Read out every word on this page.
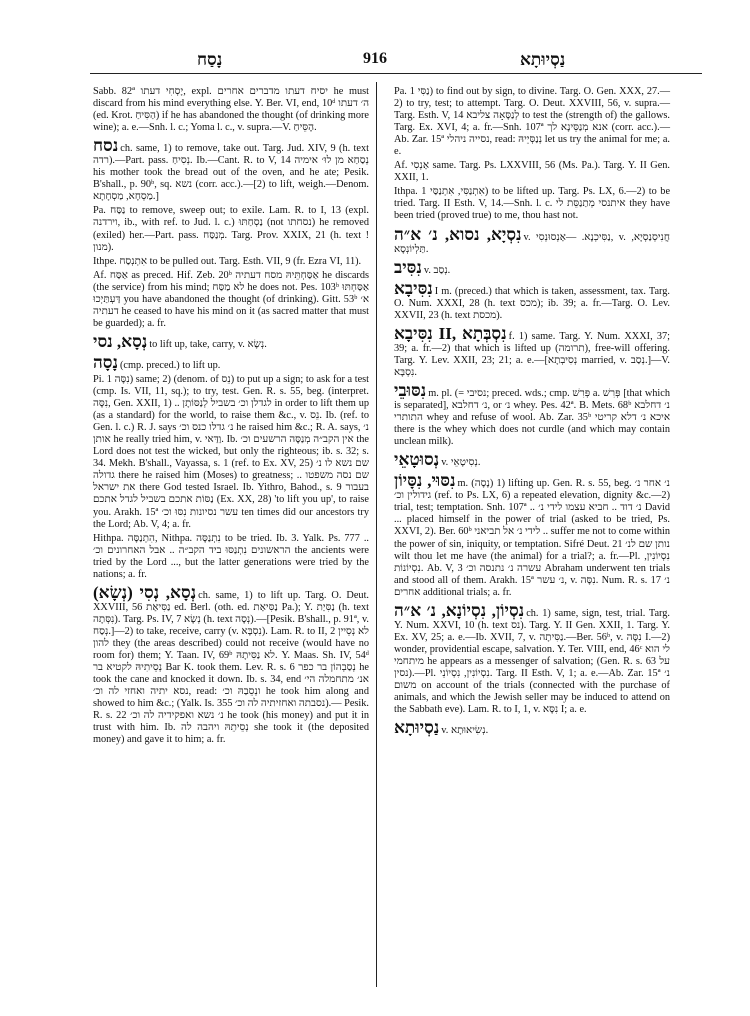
נָסַח	916	נַסְיוּתָא

Sabb. 82ª יָסְחִי דעתו, expl. יסיח דעתו מדברים אחרים he must discard from his mind everything else. Y. Ber. VI, end, 10ᵈ ה׳ דעתו (ed. Krot. הַסִּיחַ) if he has abandoned the thought (of drinking more wine); a. e.—Snh. l. c.; Yoma l. c., v. supra.—V. הֶסֵּיחַ.

נסח ch. same, 1) to remove, take out. Targ. Jud. XIV, 9 (h. text רדה).—Part. pass. נְסִיחַ. Ib.—Cant. R. to V, 14 נְסַחַא מן לוּ׳ אימיה his mother took the bread out of the oven, and he ate; Pesik. B'shall., p. 90ᵇ, sq. נשא (corr. acc.).—[2) to lift, weigh.—Denom. מַסְחָא, מַסְחָתָא.]

Pa. נַסַּח to remove, sweep out; to exile. Lam. R. to I, 13 (expl. וירדנה, ib., with ref. to Jud. l. c.) נַסְחַתּוּ (not נסחתו) he removed (exiled) her.—Part. pass. מְנַסַּח. Targ. Prov. XXIX, 21 (h. text !מנון).

Ithpe. אִתְנְסַח to be pulled out. Targ. Esth. VII, 9 (fr. Ezra VI, 11).

Af. אַסַּח as preced. Hif. Zeb. 20ᵇ אַסַּחְתֵּיהּ מסח דעתיה he discards (the service) from his mind; לא מַסַּח he does not. Pes. 103ᵇ אַסַּחְתּוּ דַּעְתַּיְכוּ you have abandoned the thought (of drinking). Gitt. 53ᵇ א׳ דעתיה he ceased to have his mind on it (as sacred matter that must be guarded); a. fr.

נְסָא, נסי to lift up, take, carry, v. נְשָׂא.

נָסָה (cmp. preced.) to lift up.

Pi. נִסָּה 1) same; 2) (denom. of נֵס) to put up a sign; to ask for a test (cmp. Is. VII, 11, sq.); to try, test. Gen. R. s. 55, beg. (interpret. נִסָּה, Gen. XXII, 1) .. לגדלן וכ׳ בשביל לְנַסּוֹתָן in order to lift them up (as a standard) for the world, to raise them &c., v. נֵס. Ib. (ref. to Gen. l. c.) R. J. says נ׳ גדלו כנס וכ׳ he raised him &c.; R. A. says, נ׳ אותן he really tried him, v. וַדַּאי. Ib. אין הקב״ה מְנַסֶּה הרשעים וכ׳ the Lord does not test the wicked, but only the righteous; ib. s. 32; s. 34. Mekh. B'shall., Vayassa, s. 1 (ref. to Ex. XV, 25) שם נשא לו נ׳ גדולה there he raised him (Moses) to greatness; .. שם נסה משפטו את ישראל there God tested Israel. Ib. Yithro, Bahod., s. 9 בעבור נַסּוֹת אתכם בשביל לגדל אתכם (Ex. XX, 28) 'to lift you up', to raise you. Arakh. 15ª עשר נסיונות נִסּוּ וכ׳ ten times did our ancestors try the Lord; Ab. V, 4; a. fr.

Hithpa. הִתְנַסָּה, Nithpa. נִתְנַסָּה to be tried. Ib. 3. Yalk. Ps. 777 .. הראשונים נִתְנַסּוּ ביד הקב״ה .. אבל האחרונים וכ׳ the ancients were tried by the Lord ..., but the latter generations were tried by the nations; a. fr.

(נְשָׂא) נְסָא, נְסִי ch. same, 1) to lift up. Targ. O. Deut. XXVIII, 56 נַסִּיאַת ed. Berl. (oth. ed. נַסִּיאַת Pa.); Y. נַסִּיַת (h. text נִסְּתָה). Targ. Ps. IV, 7 נְשָׂא (h. text נְסָה).—[Pesik. B'shall., p. 91ª, v. נְסַח.]—2) to take, receive, carry (v. נִסְבָּא). Lam. R. to II, 2 לא נְסֵיין להון they (the areas described) could not receive (would have no room for) them; Y. Taan. IV, 69ᵇ לא נַסִּיתָהּ. Y. Maas. Sh. IV, 54ᵈ נְסֵיתִיהּ לקטיא בר Bar K. took them. Lev. R. s. 6 נְסַבְהוֹן בר כפר he took the cane and knocked it down. Ib. s. 34, end אנ׳ מתחמלה הי׳ נסא יתיה ואחזי לה וכ׳, read: ונְסֵבַהּ וכ׳ he took him along and showed to him &c.; (Yalk. Is. 355 נסבתה ואחזיתיה לה וכ׳).— Pesik. R. s. 22 נ׳ נשא ואפקידיה לה וכ׳ he took (his money) and put it in trust with him. Ib. נְסֵיתֵהּ ויהבה לה she took it (the deposited money) and gave it to him; a. fr.

Pa. נַסִּי 1) to find out by sign, to divine. Targ. O. Gen. XXX, 27.—2) to try, test; to attempt. Targ. O. Deut. XXVIII, 56, v. supra.—Targ. Esth. V, 14 לְנַסָּאָה צליבא to test the (strength of) the gallows. Targ. Ex. XVI, 4; a. fr.—Snh. 107ª אנא מְנַסֵּינָא לך (corr. acc.).—Ab. Zar. 15ª נסייה ניהלי, read: נְנַסְּיֵיהּ let us try the animal for me; a. e.

Af. אַנְסִי same. Targ. Ps. LXXVIII, 56 (Ms. Pa.). Targ. Y. II Gen. XXII, 1.

Ithpa. אִתְנַסִּי, אִתְנַסַּי 1) to be lifted up. Targ. Ps. LX, 6.—2) to be tried. Targ. II Esth. V, 14.—Snh. l. c. איתנסי מְתַנַסֵּת לי they have been tried (proved true) to me, thou hast not.

נִסְיָא, נסוא, נ׳ א״ה v. נַסִּיכְנָא. —אַנְסוּנְסִי, v. חֲנִיסְנַסְיָא, תַּלְיוֹנְסָא.

נִסִּיב v. נְסַב.

נִסִּיבָא I m. (preced.) that which is taken, assessment, tax. Targ. O. Num. XXXI, 28 (h. text מכס); ib. 39; a. fr.—Targ. O. Lev. XXVII, 23 (h. text מכסת).

נִסִּיבָא II, נִסְבְּתָא f. 1) same. Targ. Y. Num. XXXI, 37; 39; a. fr.—2) that which is lifted up (תרומה), free-will offering. Targ. Y. Lev. XXII, 23; 21; a. e.—[נְסִיבְתָא married, v. נְסַב.]—V. נִסְבָּא.

נִסּוּבֵי m. pl. (= נסיבי; preced. wds.; cmp. פְּרִשׁ a. פְּרִשׁ [that which is separated], נ׳ דחלבא, or נ׳ whey. Pes. 42ª. B. Mets. 68ᵇ נ׳ דחלבא התותרי whey and refuse of wool. Ab. Zar. 35ᵇ איכא נ׳ דלא קריטי there is the whey which does not curdle (and which may contain unclean milk).

נְסוּטָאֵי v. נְסִיטָאֵי.

נִסּוּי, נִסָּיוֹן m. (נָסָה) 1) lifting up. Gen. R. s. 55, beg. נ׳ אחר נ׳ גידולין וכ׳ (ref. to Ps. LX, 6) a repeated elevation, dignity &c.—2) trial, test; temptation. Snh. 107ª .. נ׳ דוד .. חביא עצמו לידי נ׳ David ... placed himself in the power of trial (asked to be tried, Ps. XXVI, 2). Ber. 60ᵇ לידי נ׳ אל תביאני .. suffer me not to come within the power of sin, iniquity, or temptation. Sifré Deut. 21 נותן שם לנ׳ wilt thou let me have (the animal) for a trial?; a. fr.—Pl. נִסְיוֹנִין, נִסְיוֹנוֹת. Ab. V, 3 עשרה נ׳ נתנסה וכ׳ Abraham underwent ten trials and stood all of them. Arakh. 15ª נ׳ עשר, v. נִסָּה. Num. R. s. 17 נ׳ אחרים additional trials; a. fr.

נִסְיוֹן, נִסְיוֹנָא, נ׳ א״ה ch. 1) same, sign, test, trial. Targ. Y. Num. XXVI, 10 (h. text נס). Targ. Y. II Gen. XXII, 1. Targ. Y. Ex. XV, 25; a. e.—Ib. XVII, 7, v. נַסִּיתָה.—Ber. 56ᵇ, v. נִסָּה I.—2) wonder, providential escape, salvation. Y. Ter. VIII, end, 46ᶜ לי הוא מיתחמי he appears as a messenger of salvation; (Gen. R. s. 63 על נסין).—Pl. נִסְיוֹנִין, נִסְיוֹנֵי. Targ. II Esth. V, 1; a. e.—Ab. Zar. 15ª נ׳ משום on account of the trials (connected with the purchase of animals, and which the Jewish seller may be induced to attend on the Sabbath eve). Lam. R. to I, 1, v. נִסָּא I; a. e.

נַסְיוּתָא v. נְשִׂיאוּתָא.
